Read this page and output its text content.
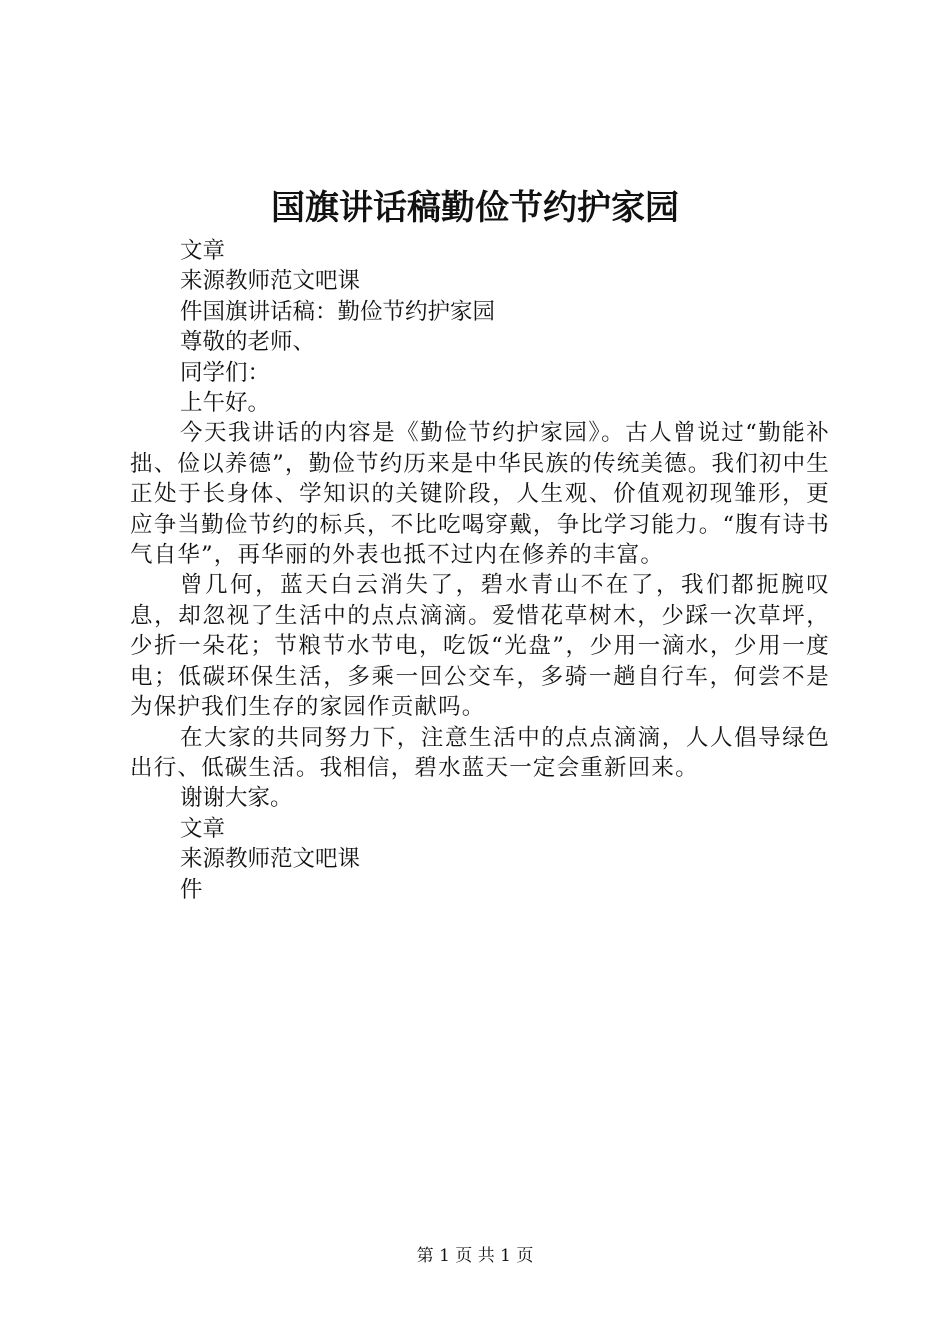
国旗讲话稿勤俭节约护家园
文章
来源教师范文吧课
件国旗讲话稿：勤俭节约护家园
尊敬的老师、
同学们：
上午好。
今天我讲话的内容是《勤俭节约护家园》。古人曾说过“勤能补拙、俭以养德”，勤俭节约历来是中华民族的传统美德。我们初中生正处于长身体、学知识的关键阶段，人生观、价值观初现雏形，更应争当勤俭节约的标兵，不比吃喝穿戴，争比学习能力。“腹有诗书气自华”，再华丽的外表也抵不过内在修养的丰富。
曾几何，蓝天白云消失了，碧水青山不在了，我们都扼腕叹息，却忽视了生活中的点点滴滴。爱惜花草树木，少踩一次草坪，少折一朵花；节粮节水节电，吃饭“光盘”，少用一滴水，少用一度电；低碳环保生活，多乘一回公交车，多骑一趟自行车，何尝不是为保护我们生存的家园作贡献吗。
在大家的共同努力下，注意生活中的点点滴滴，人人倡导绿色出行、低碳生活。我相信，碧水蓝天一定会重新回来。
谢谢大家。
文章
来源教师范文吧课
件
第 1 页 共 1 页
